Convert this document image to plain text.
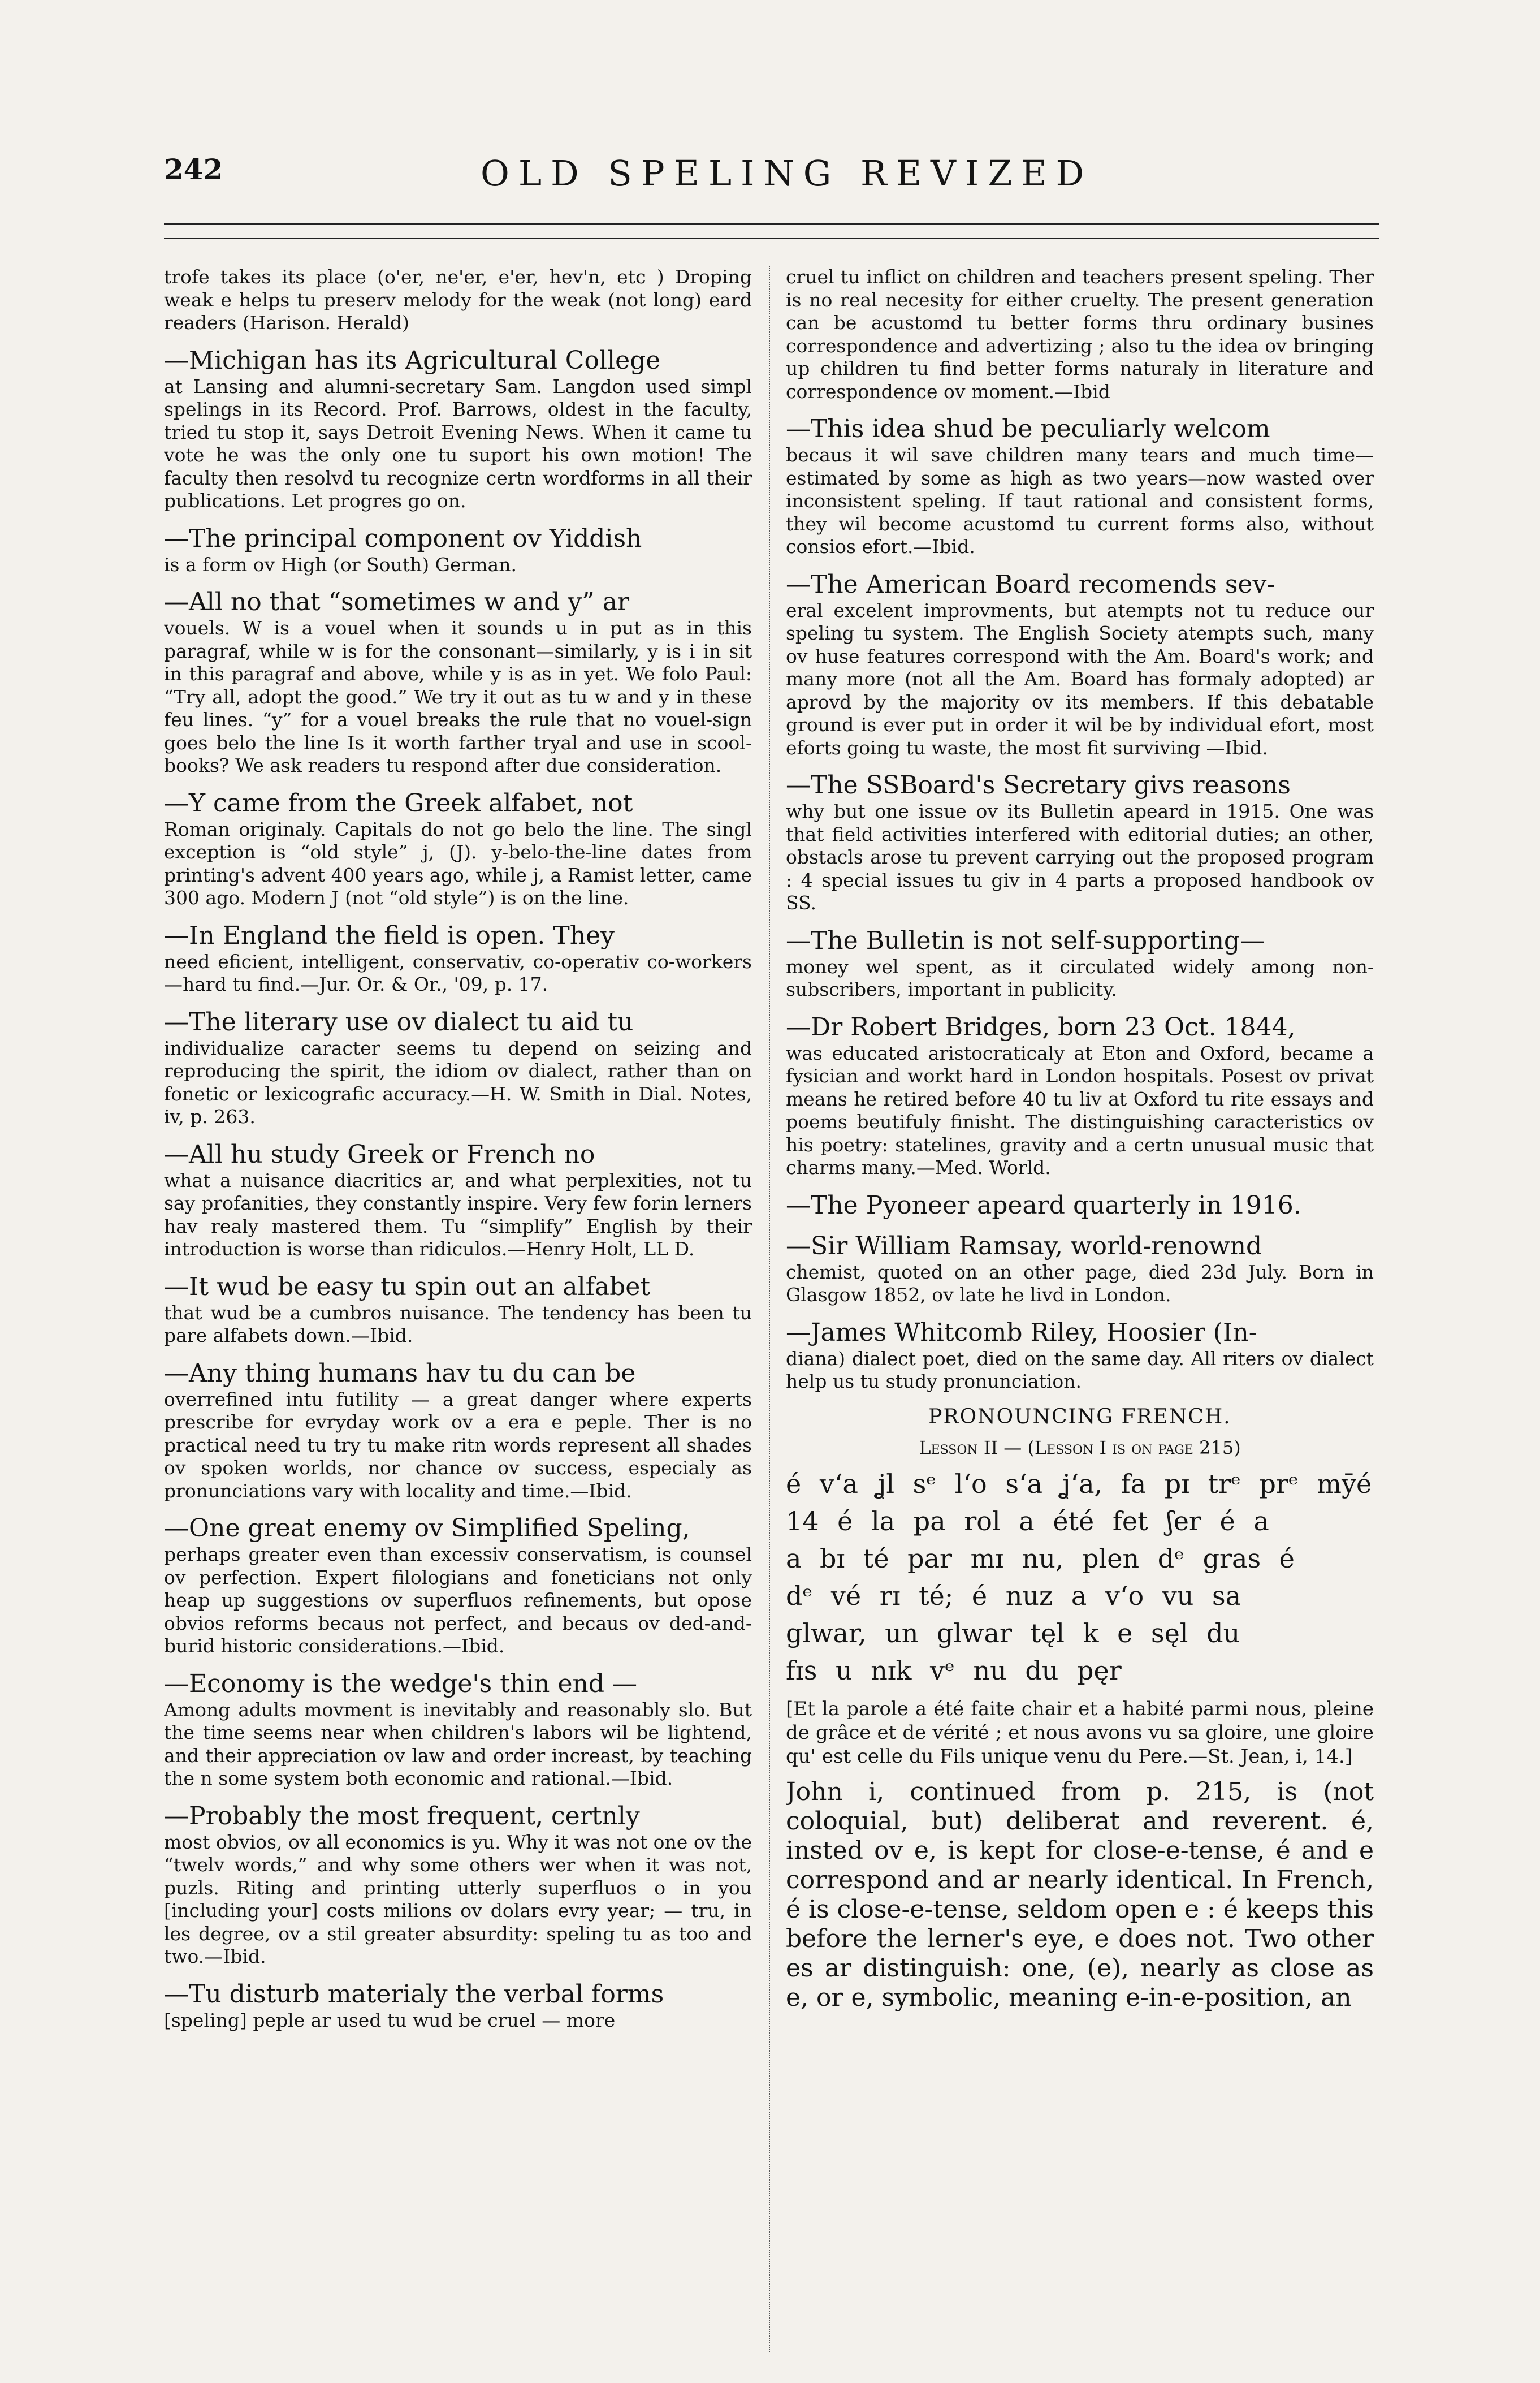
242	OLD SPELING REVIZED

trofe takes its place (o'er, ne'er, e'er, hev'n, etc ) Droping weak e helps tu preserv melody for the weak (not long) eard readers (Harison. Herald)

—Michigan has its Agricultural College
at Lansing and alumni-secretary Sam. Langdon used simpl spelings in its Record. Prof. Barrows, oldest in the faculty, tried tu stop it, says Detroit Evening News. When it came tu vote he was the only one tu suport his own motion! The faculty then resolvd tu recognize certn wordforms in all their publications. Let progres go on.

—The principal component ov Yiddish
is a form ov High (or South) German.

—All no that “sometimes w and y” ar
vouels. W is a vouel when it sounds u in put as in this paragraf, while w is for the consonant—similarly, y is i in sit in this paragraf and above, while y is as in yet. We folo Paul: “Try all, adopt the good.” We try it out as tu w and y in these feu lines. “y” for a vouel breaks the rule that no vouel-sign goes belo the line Is it worth farther tryal and use in scool-books? We ask readers tu respond after due consideration.

—Y came from the Greek alfabet, not
Roman originaly. Capitals do not go belo the line. The singl exception is “old style” j, (J). y-belo-the-line dates from printing's advent 400 years ago, while j, a Ramist letter, came 300 ago. Modern J (not “old style”) is on the line.

—In England the field is open. They
need eficient, intelligent, conservativ, co-operativ co-workers—hard tu find.—Jur. Or. & Or., '09, p. 17.

—The literary use ov dialect tu aid tu
individualize caracter seems tu depend on seizing and reproducing the spirit, the idiom ov dialect, rather than on fonetic or lexicografic accuracy.—H. W. Smith in Dial. Notes, iv, p. 263.

—All hu study Greek or French no
what a nuisance diacritics ar, and what perplexities, not tu say profanities, they constantly inspire. Very few forin lerners hav realy mastered them. Tu “simplify” English by their introduction is worse than ridiculos.—Henry Holt, LL D.

—It wud be easy tu spin out an alfabet
that wud be a cumbros nuisance. The tendency has been tu pare alfabets down.—Ibid.

—Any thing humans hav tu du can be
overrefined intu futility — a great danger where experts prescribe for evryday work ov a era e peple. Ther is no practical need tu try tu make ritn words represent all shades ov spoken worlds, nor chance ov success, especialy as pronunciations vary with locality and time.—Ibid.

—One great enemy ov Simplified Speling,
perhaps greater even than excessiv conservatism, is counsel ov perfection. Expert filologians and foneticians not only heap up suggestions ov superfluos refinements, but opose obvios reforms becaus not perfect, and becaus ov ded-and-burid historic considerations.—Ibid.

—Economy is the wedge's thin end —
Among adults movment is inevitably and reasonably slo. But the time seems near when children's labors wil be lightend, and their appreciation ov law and order increast, by teaching the n some system both economic and rational.—Ibid.

—Probably the most frequent, certnly
most obvios, ov all economics is yu. Why it was not one ov the “twelv words,” and why some others wer when it was not, puzls. Riting and printing utterly superfluos o in you [including your] costs milions ov dolars evry year; — tru, in les degree, ov a stil greater absurdity: speling tu as too and two.—Ibid.

—Tu disturb materialy the verbal forms
[speling] peple ar used tu wud be cruel — more

cruel tu inflict on children and teachers present speling. Ther is no real necesity for either cruelty. The present generation can be acustomd tu better forms thru ordinary busines correspondence and advertizing ; also tu the idea ov bringing up children tu find better forms naturaly in literature and correspondence ov moment.—Ibid

—This idea shud be peculiarly welcom
becaus it wil save children many tears and much time—estimated by some as high as two years—now wasted over inconsistent speling. If taut rational and consistent forms, they wil become acustomd tu current forms also, without consios efort.—Ibid.

—The American Board recomends sev-
eral excelent improvments, but atempts not tu reduce our speling tu system. The English Society atempts such, many ov huse features correspond with the Am. Board's work; and many more (not all the Am. Board has formaly adopted) ar aprovd by the majority ov its members. If this debatable ground is ever put in order it wil be by individual efort, most eforts going tu waste, the most fit surviving —Ibid.

—The SSBoard's Secretary givs reasons
why but one issue ov its Bulletin apeard in 1915. One was that field activities interfered with editorial duties; an other, obstacls arose tu prevent carrying out the proposed program : 4 special issues tu giv in 4 parts a proposed handbook ov SS.

—The Bulletin is not self-supporting—
money wel spent, as it circulated widely among non-subscribers, important in publicity.

—Dr Robert Bridges, born 23 Oct. 1844,
was educated aristocraticaly at Eton and Oxford, became a fysician and workt hard in London hospitals. Posest ov privat means he retired before 40 tu liv at Oxford tu rite essays and poems beutifuly finisht. The distinguishing caracteristics ov his poetry: statelines, gravity and a certn unusual music that charms many.—Med. World.

—The Pyoneer apeard quarterly in 1916.

—Sir William Ramsay, world-renownd
chemist, quoted on an other page, died 23d July. Born in Glasgow 1852, ov late he livd in London.

—James Whitcomb Riley, Hoosier (In-
diana) dialect poet, died on the same day. All riters ov dialect help us tu study pronunciation.

PRONOUNCING FRENCH.
Lesson II — (Lesson I is on page 215)
é v‘a ʝl sᵉ l‘o s‘a ʝ‘a, fa pɪ trᵉ prᵉ mȳé
14 é la pa rol a été fet ʃer é a
a bɪ té par mɪ nu, plen dᵉ gras é
dᵉ vé rɪ té; é nuz a v‘o vu sa
glwar, un glwar tęl k e sęl du
fɪs u nɪk vᵉ nu du pęr
[Et la parole a été faite chair et a habité parmi nous, pleine de grâce et de vérité ; et nous avons vu sa gloire, une gloire qu' est celle du Fils unique venu du Pere.—St. Jean, i, 14.]
John i, continued from p. 215, is (not coloquial, but) deliberat and reverent. é, insted ov e, is kept for close-e-tense, é and e correspond and ar nearly identical. In French, é is close-e-tense, seldom open e : é keeps this before the lerner's eye, e does not. Two other es ar distinguish: one, (e), nearly as close as e, or e, symbolic, meaning e-in-e-position, an
